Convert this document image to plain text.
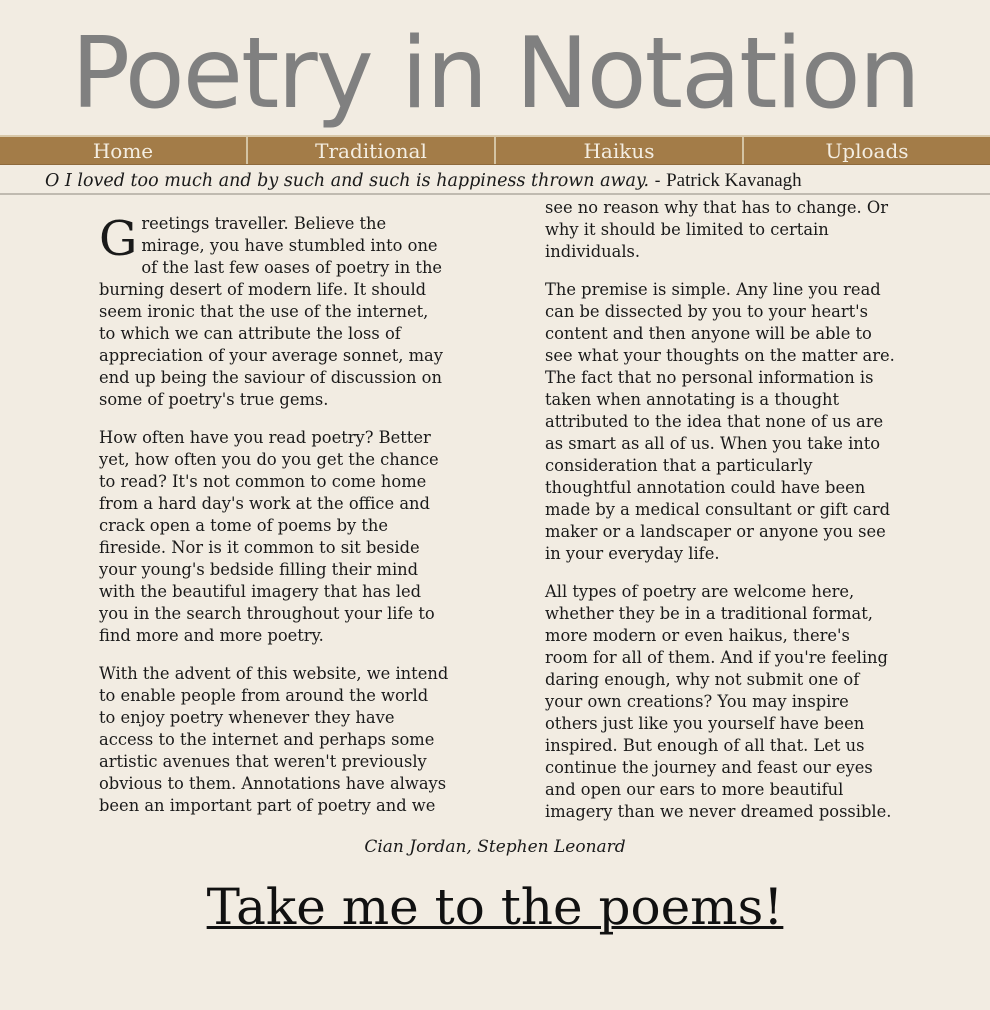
Poetry in Notation
Home	Traditional	Haikus	Uploads
O I loved too much and by such and such is happiness thrown away. - Patrick Kavanagh

Greetings traveller. Believe the mirage, you have stumbled into one of the last few oases of poetry in the burning desert of modern life. It should seem ironic that the use of the internet, to which we can attribute the loss of appreciation of your average sonnet, may end up being the saviour of discussion on some of poetry's true gems.

How often have you read poetry? Better yet, how often you do you get the chance to read? It's not common to come home from a hard day's work at the office and crack open a tome of poems by the fireside. Nor is it common to sit beside your young's bedside filling their mind with the beautiful imagery that has led you in the search throughout your life to find more and more poetry.

With the advent of this website, we intend to enable people from around the world to enjoy poetry whenever they have access to the internet and perhaps some artistic avenues that weren't previously obvious to them. Annotations have always been an important part of poetry and we

see no reason why that has to change. Or why it should be limited to certain individuals.

The premise is simple. Any line you read can be dissected by you to your heart's content and then anyone will be able to see what your thoughts on the matter are. The fact that no personal information is taken when annotating is a thought attributed to the idea that none of us are as smart as all of us. When you take into consideration that a particularly thoughtful annotation could have been made by a medical consultant or gift card maker or a landscaper or anyone you see in your everyday life.

All types of poetry are welcome here, whether they be in a traditional format, more modern or even haikus, there's room for all of them. And if you're feeling daring enough, why not submit one of your own creations? You may inspire others just like you yourself have been inspired. But enough of all that. Let us continue the journey and feast our eyes and open our ears to more beautiful imagery than we never dreamed possible.

Cian Jordan, Stephen Leonard
Take me to the poems!
